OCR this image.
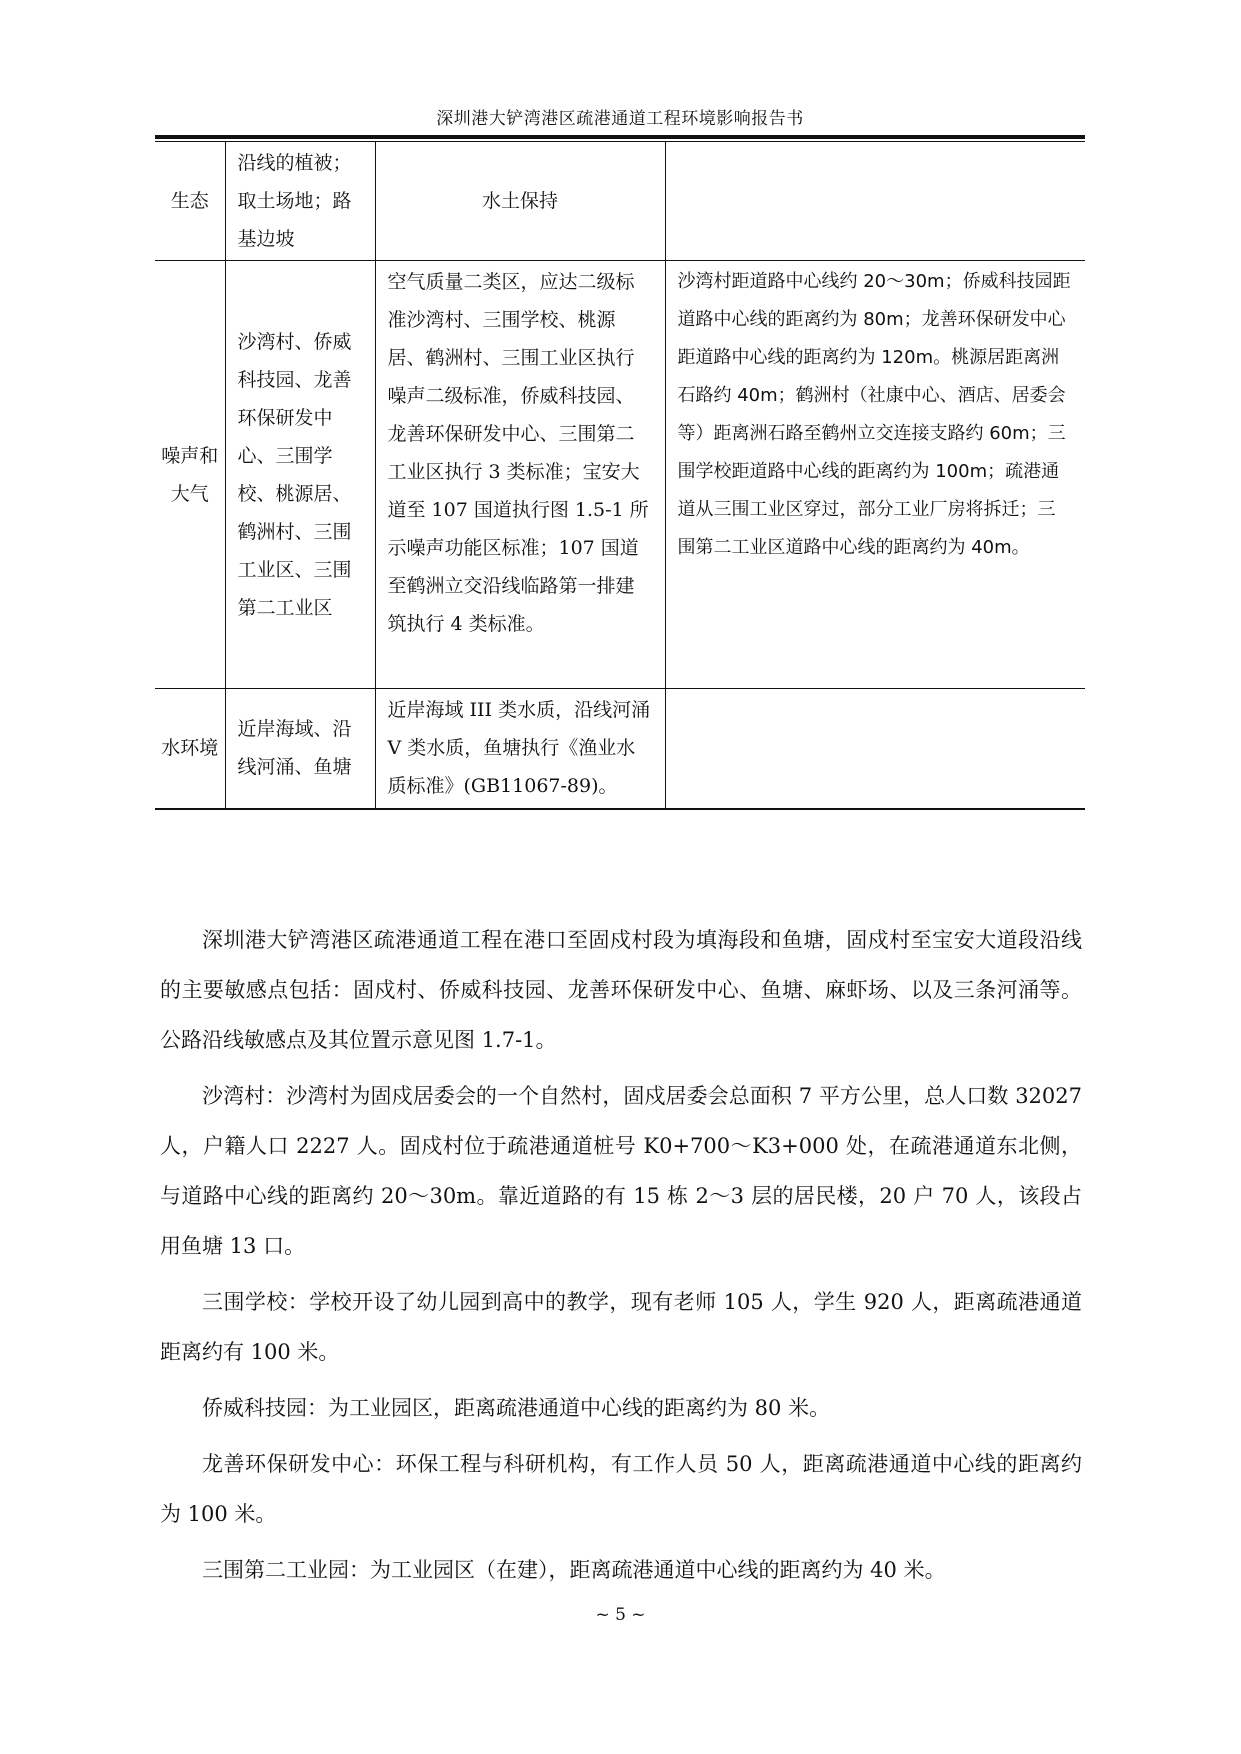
深圳港大铲湾港区疏港通道工程环境影响报告书
生态	沿线的植被；取土场地；路基边坡	水土保持	
噪声和大气	沙湾村、侨威科技园、龙善环保研发中心、三围学校、桃源居、鹤洲村、三围工业区、三围第二工业区	空气质量二类区，应达二级标准沙湾村、三围学校、桃源居、鹤洲村、三围工业区执行噪声二级标准，侨威科技园、龙善环保研发中心、三围第二工业区执行 3 类标准；宝安大道至 107 国道执行图 1.5-1 所示噪声功能区标准；107 国道至鹤洲立交沿线临路第一排建筑执行 4 类标准。	沙湾村距道路中心线约 20～30m；侨威科技园距道路中心线的距离约为 80m；龙善环保研发中心距道路中心线的距离约为 120m。桃源居距离洲石路约 40m；鹤洲村（社康中心、酒店、居委会等）距离洲石路至鹤州立交连接支路约 60m；三围学校距道路中心线的距离约为 100m；疏港通道从三围工业区穿过，部分工业厂房将拆迁；三围第二工业区道路中心线的距离约为 40m。
水环境	近岸海域、沿线河涌、鱼塘	近岸海域 III 类水质，沿线河涌 V 类水质，鱼塘执行《渔业水质标准》(GB11067-89)。	

深圳港大铲湾港区疏港通道工程在港口至固戍村段为填海段和鱼塘，固戍村至宝安大道段沿线的主要敏感点包括：固戍村、侨威科技园、龙善环保研发中心、鱼塘、麻虾场、以及三条河涌等。公路沿线敏感点及其位置示意见图 1.7-1。

沙湾村：沙湾村为固戍居委会的一个自然村，固戍居委会总面积 7 平方公里，总人口数 32027 人，户籍人口 2227 人。固戍村位于疏港通道桩号 K0+700～K3+000 处，在疏港通道东北侧，与道路中心线的距离约 20～30m。靠近道路的有 15 栋 2～3 层的居民楼，20 户 70 人，该段占用鱼塘 13 口。

三围学校：学校开设了幼儿园到高中的教学，现有老师 105 人，学生 920 人，距离疏港通道距离约有 100 米。

侨威科技园：为工业园区，距离疏港通道中心线的距离约为 80 米。

龙善环保研发中心：环保工程与科研机构，有工作人员 50 人，距离疏港通道中心线的距离约为 100 米。

三围第二工业园：为工业园区（在建），距离疏港通道中心线的距离约为 40 米。

~ 5 ~
